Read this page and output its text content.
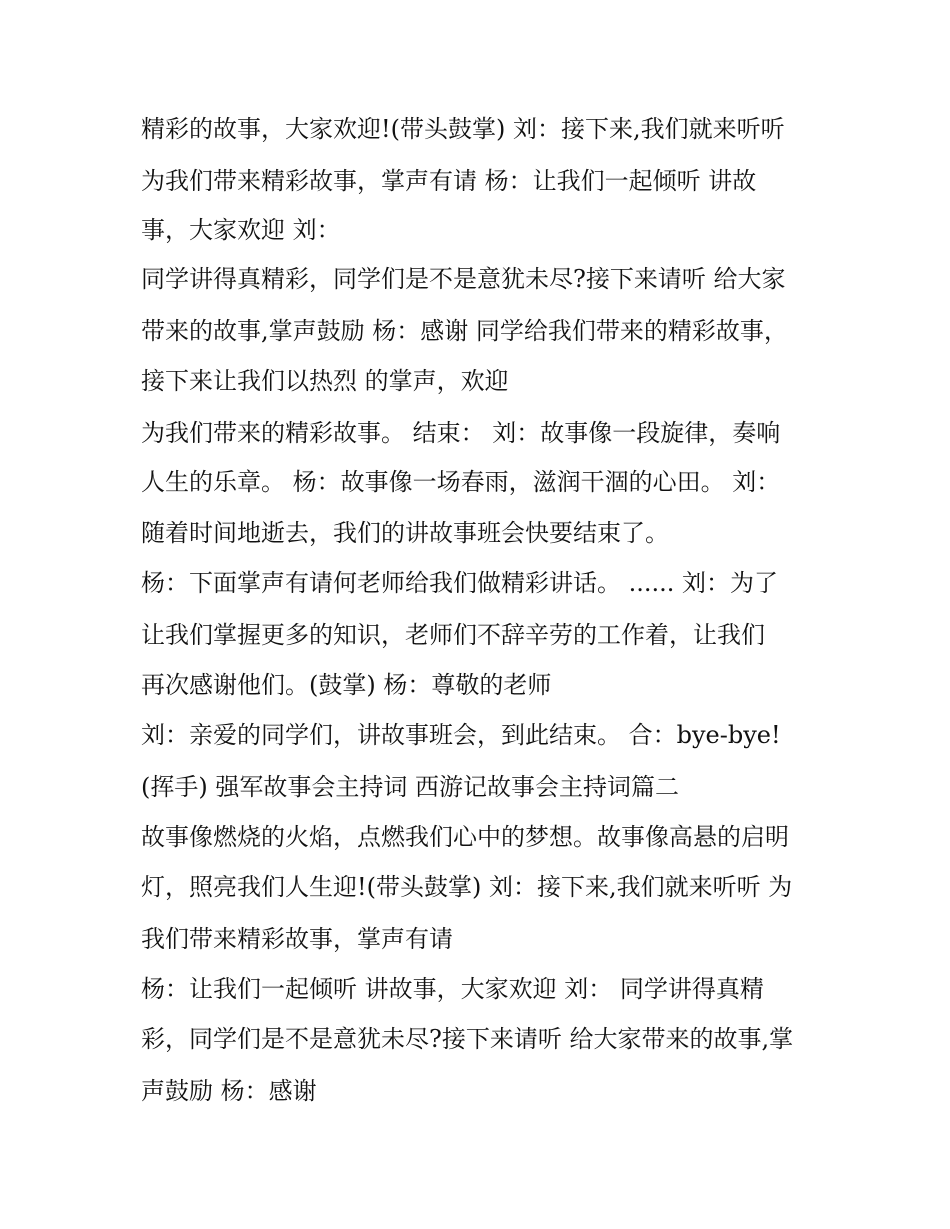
精彩的故事，大家欢迎!(带头鼓掌) 刘：接下来,我们就来听听
为我们带来精彩故事，掌声有请 杨：让我们一起倾听 讲故
事，大家欢迎 刘：
同学讲得真精彩，同学们是不是意犹未尽?接下来请听 给大家
带来的故事,掌声鼓励 杨：感谢 同学给我们带来的精彩故事，
接下来让我们以热烈 的掌声，欢迎
为我们带来的精彩故事。 结束： 刘：故事像一段旋律，奏响
人生的乐章。 杨：故事像一场春雨，滋润干涸的心田。 刘：
随着时间地逝去，我们的讲故事班会快要结束了。
杨：下面掌声有请何老师给我们做精彩讲话。 ...... 刘：为了
让我们掌握更多的知识，老师们不辞辛劳的工作着，让我们
再次感谢他们。(鼓掌) 杨：尊敬的老师
刘：亲爱的同学们，讲故事班会，到此结束。 合：bye-bye!
(挥手) 强军故事会主持词 西游记故事会主持词篇二
故事像燃烧的火焰，点燃我们心中的梦想。故事像高悬的启明
灯，照亮我们人生迎!(带头鼓掌) 刘：接下来,我们就来听听 为
我们带来精彩故事，掌声有请
杨：让我们一起倾听 讲故事，大家欢迎 刘： 同学讲得真精
彩，同学们是不是意犹未尽?接下来请听 给大家带来的故事,掌
声鼓励 杨：感谢
